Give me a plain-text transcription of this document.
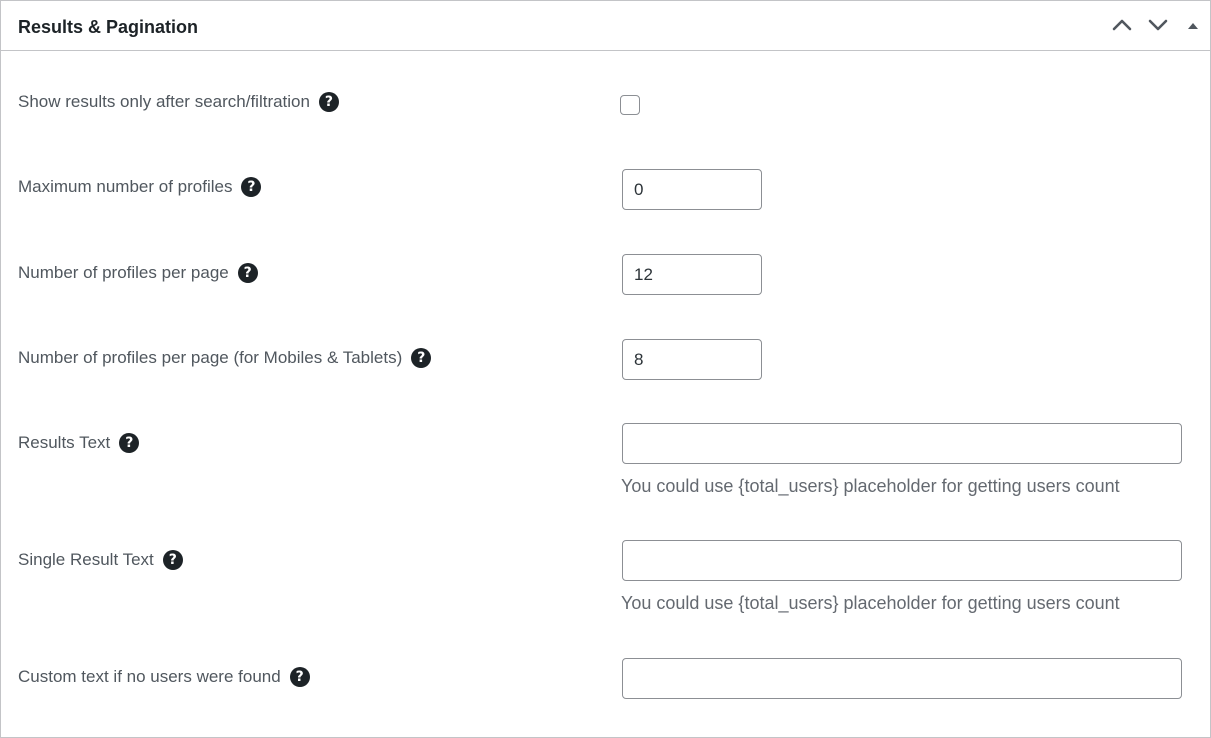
Results & Pagination
Show results only after search/filtration	?
Maximum number of profiles	?
0
Number of profiles per page	?
12
Number of profiles per page (for Mobiles & Tablets)	?
8
Results Text	?
You could use {total_users} placeholder for getting users count
Single Result Text	?
You could use {total_users} placeholder for getting users count
Custom text if no users were found	?
